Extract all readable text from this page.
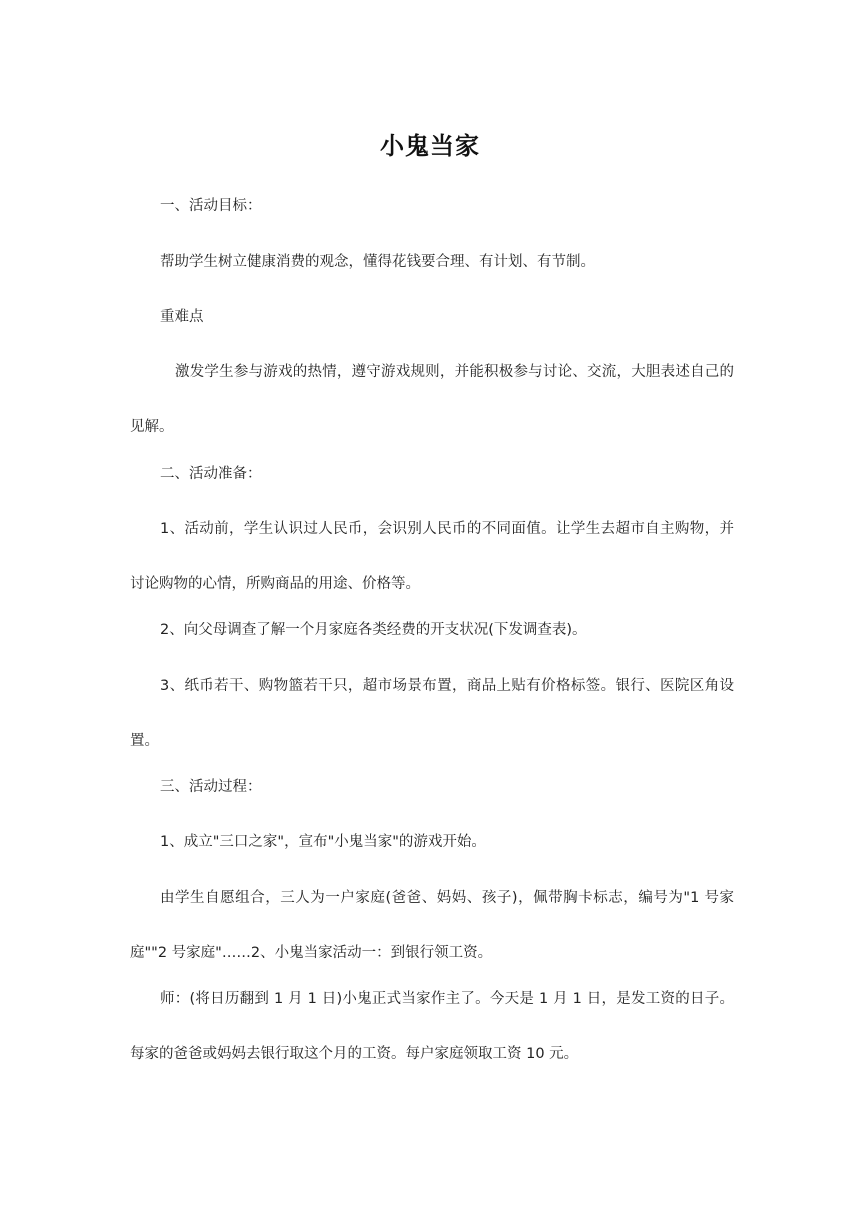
小鬼当家

一、活动目标：

帮助学生树立健康消费的观念，懂得花钱要合理、有计划、有节制。

重难点

激发学生参与游戏的热情，遵守游戏规则，并能积极参与讨论、交流，大胆表述自己的见解。

二、活动准备：

1、活动前，学生认识过人民币，会识别人民币的不同面值。让学生去超市自主购物，并讨论购物的心情，所购商品的用途、价格等。

2、向父母调查了解一个月家庭各类经费的开支状况(下发调查表)。

3、纸币若干、购物篮若干只，超市场景布置，商品上贴有价格标签。银行、医院区角设置。

三、活动过程：

1、成立"三口之家"，宣布"小鬼当家"的游戏开始。

由学生自愿组合，三人为一户家庭(爸爸、妈妈、孩子)，佩带胸卡标志，编号为"1 号家庭""2 号家庭"……2、小鬼当家活动一：到银行领工资。

师：(将日历翻到 1 月 1 日)小鬼正式当家作主了。今天是 1 月 1 日，是发工资的日子。每家的爸爸或妈妈去银行取这个月的工资。每户家庭领取工资 10 元。
